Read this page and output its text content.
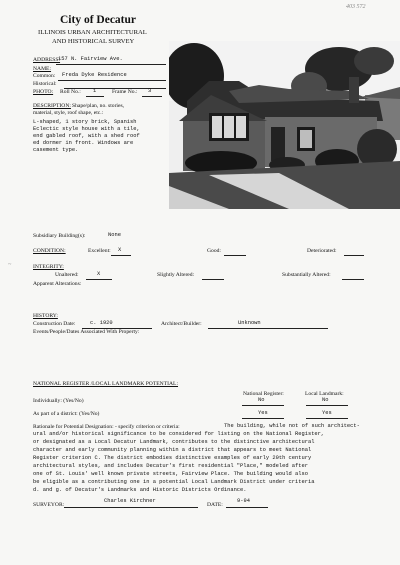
403 572
City of Decatur
ILLINOIS URBAN ARCHITECTURAL
AND HISTORICAL SURVEY
ADDRESS:
157 N. Fairview Ave.
NAME:
Common: Freda Dyke Residence
Historical:
PHOTO: Roll No.: 1	Frame No.: 3
DESCRIPTION: Shape/plan, no. stories,
material, style, roof shape, etc.:
L-shaped, 1 story brick, Spanish
Eclectic style house with a tile,
end gabled roof, with a shed roof
ed dormer in front. Windows are
casement type.
Subsidiary Building(s):	None
CONDITION:	Excellent: X	Good:	Deteriorated:
~	INTEGRITY:
Unaltered:	X	Slightly Altered:	Substantially Altered:
Apparent Alterations:
HISTORY:
Construction Date:	c. 1920	Architect/Builder:	Unknown
Events/People/Dates Associated With Property:
NATIONAL REGISTER /LOCAL LANDMARK POTENTIAL:
National Register:	Local Landmark:
Individually: (Yes/No)	No	No
As part of a district: (Yes/No)	Yes	Yes
Rationale for Potential Designation: - specify criterion or criteria:	The building, while not of such architect-
ural and/or historical significance to be considered for listing on the National Register,
or designated as a Local Decatur Landmark, contributes to the distinctive architectural
character and early community planning within a district that appears to meet National
Register criterion C. The district embodies distinctive examples of early 20th century
architectural styles, and includes Decatur's first residential "Place," modeled after
one of St. Louis' well known private streets, Fairview Place. The building would also
be eligible as a contributing one in a potential Local Landmark District under criteria
d. and g. of Decatur's Landmarks and Historic Districts Ordinance.
SURVEYOR:
Charles Kirchner
DATE:
9-94
